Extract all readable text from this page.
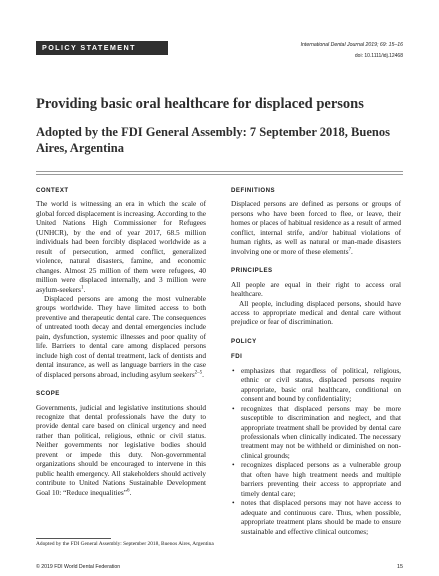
POLICY STATEMENT	International Dental Journal 2019; 69: 15–16
doi: 10.1111/idj.12468
Providing basic oral healthcare for displaced persons
Adopted by the FDI General Assembly: 7 September 2018, Buenos Aires, Argentina
CONTEXT

The world is witnessing an era in which the scale of global forced displacement is increasing. According to the United Nations High Commissioner for Refugees (UNHCR), by the end of year 2017, 68.5 million individuals had been forcibly displaced worldwide as a result of persecution, armed conflict, generalized violence, natural disasters, famine, and economic changes. Almost 25 million of them were refugees, 40 million were displaced internally, and 3 million were asylum-seekers$^1$.

Displaced persons are among the most vulnerable groups worldwide. They have limited access to both preventive and therapeutic dental care. The consequences of untreated tooth decay and dental emergencies include pain, dysfunction, systemic illnesses and poor quality of life. Barriers to dental care among displaced persons include high cost of dental treatment, lack of dentists and dental insurance, as well as language barriers in the case of displaced persons abroad, including asylum seekers$^{2-5}$.

SCOPE

Governments, judicial and legislative institutions should recognize that dental professionals have the duty to provide dental care based on clinical urgency and need rather than political, religious, ethnic or civil status. Neither governments nor legislative bodies should prevent or impede this duty. Non-governmental organizations should be encouraged to intervene in this public health emergency. All stakeholders should actively contribute to United Nations Sustainable Development Goal 10: “Reduce inequalities”$^6$.

DEFINITIONS

Displaced persons are defined as persons or groups of persons who have been forced to flee, or leave, their homes or places of habitual residence as a result of armed conflict, internal strife, and/or habitual violations of human rights, as well as natural or man-made disasters involving one or more of these elements$^7$.

PRINCIPLES

All people are equal in their right to access oral healthcare.

All people, including displaced persons, should have access to appropriate medical and dental care without prejudice or fear of discrimination.

POLICY
FDI
• emphasizes that regardless of political, religious, ethnic or civil status, displaced persons require appropriate, basic oral healthcare, conditional on consent and bound by confidentiality;
• recognizes that displaced persons may be more susceptible to discrimination and neglect, and that appropriate treatment shall be provided by dental care professionals when clinically indicated. The necessary treatment may not be withheld or diminished on non-clinical grounds;
• recognizes displaced persons as a vulnerable group that often have high treatment needs and multiple barriers preventing their access to appropriate and timely dental care;
• notes that displaced persons may not have access to adequate and continuous care. Thus, when possible, appropriate treatment plans should be made to ensure sustainable and effective clinical outcomes;
Adopted by the FDI General Assembly: September 2018, Buenos Aires, Argentina
© 2019 FDI World Dental Federation	15
